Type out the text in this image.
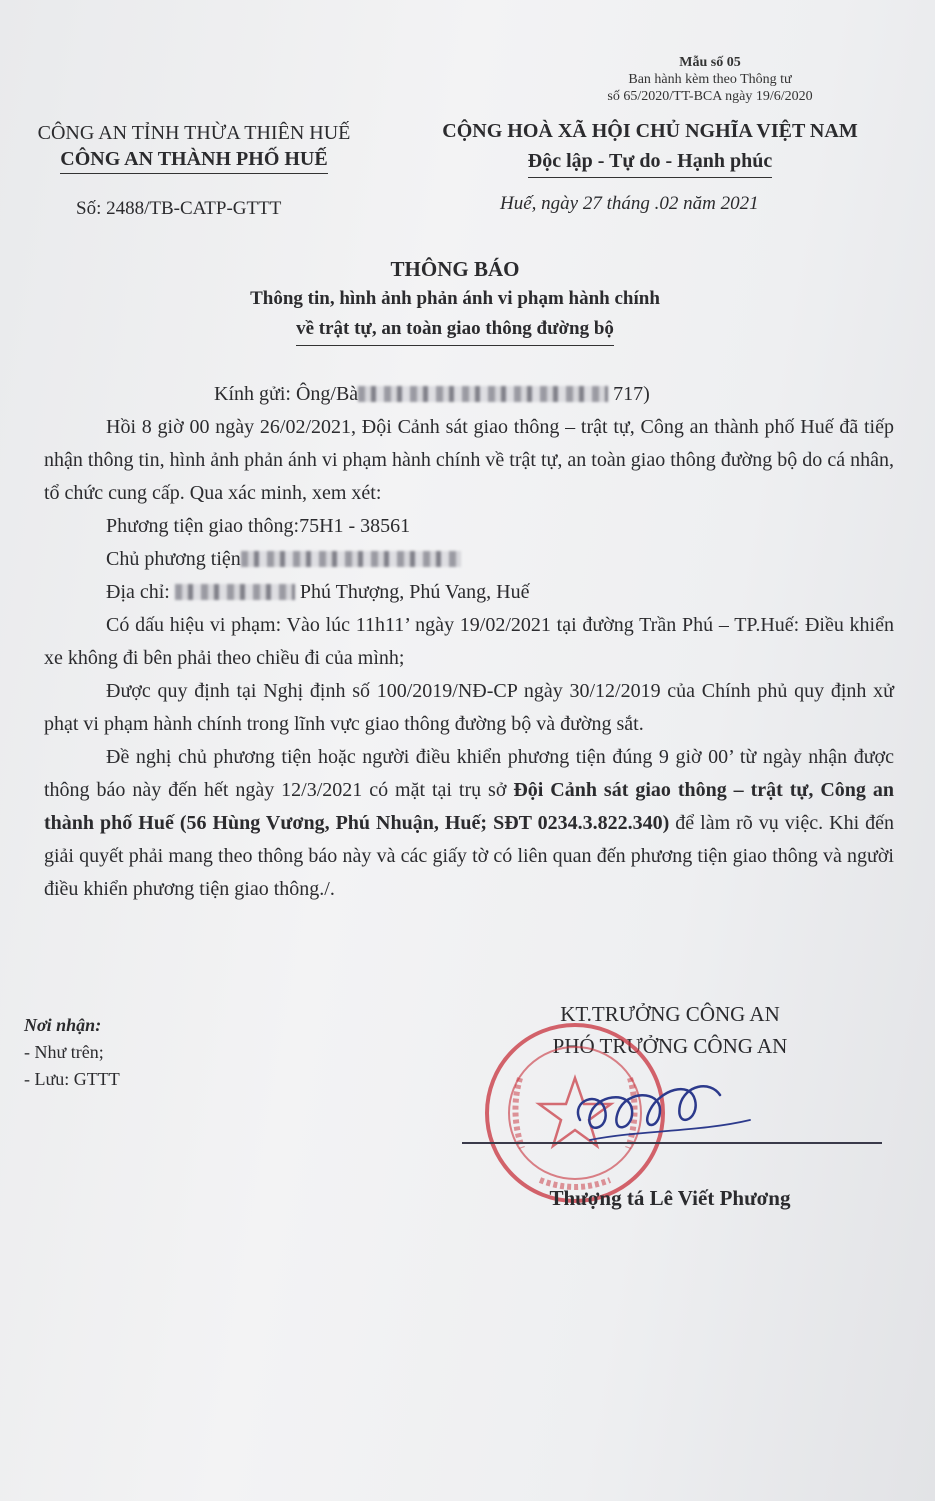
Mẫu số 05
Ban hành kèm theo Thông tư
số 65/2020/TT-BCA ngày 19/6/2020
CÔNG AN TỈNH THỪA THIÊN HUẾ
CÔNG AN THÀNH PHỐ HUẾ
CỘNG HOÀ XÃ HỘI CHỦ NGHĨA VIỆT NAM
Độc lập - Tự do - Hạnh phúc
Số: 2488/TB-CATP-GTTT	Huế, ngày 27 tháng .02 năm 2021
THÔNG BÁO
Thông tin, hình ảnh phản ánh vi phạm hành chính
về trật tự, an toàn giao thông đường bộ

Kính gửi: Ông/Bà	717)

Hồi 8 giờ 00 ngày 26/02/2021, Đội Cảnh sát giao thông – trật tự, Công an thành phố Huế đã tiếp nhận thông tin, hình ảnh phản ánh vi phạm hành chính về trật tự, an toàn giao thông đường bộ do cá nhân, tổ chức cung cấp. Qua xác minh, xem xét:

Phương tiện giao thông:75H1 - 38561

Chủ phương tiện

Địa chỉ:	Phú Thượng, Phú Vang, Huế

Có dấu hiệu vi phạm: Vào lúc 11h11’ ngày 19/02/2021 tại đường Trần Phú – TP.Huế: Điều khiển xe không đi bên phải theo chiều đi của mình;

Được quy định tại Nghị định số 100/2019/NĐ-CP ngày 30/12/2019 của Chính phủ quy định xử phạt vi phạm hành chính trong lĩnh vực giao thông đường bộ và đường sắt.

Đề nghị chủ phương tiện hoặc người điều khiển phương tiện đúng 9 giờ 00’ từ ngày nhận được thông báo này đến hết ngày 12/3/2021 có mặt tại trụ sở Đội Cảnh sát giao thông – trật tự, Công an thành phố Huế (56 Hùng Vương, Phú Nhuận, Huế; SĐT 0234.3.822.340) để làm rõ vụ việc. Khi đến giải quyết phải mang theo thông báo này và các giấy tờ có liên quan đến phương tiện giao thông và người điều khiển phương tiện giao thông./.

Nơi nhận:
- Như trên;
- Lưu: GTTT
KT.TRƯỞNG CÔNG AN
PHÓ TRƯỞNG CÔNG AN
Thượng tá Lê Viết Phương
